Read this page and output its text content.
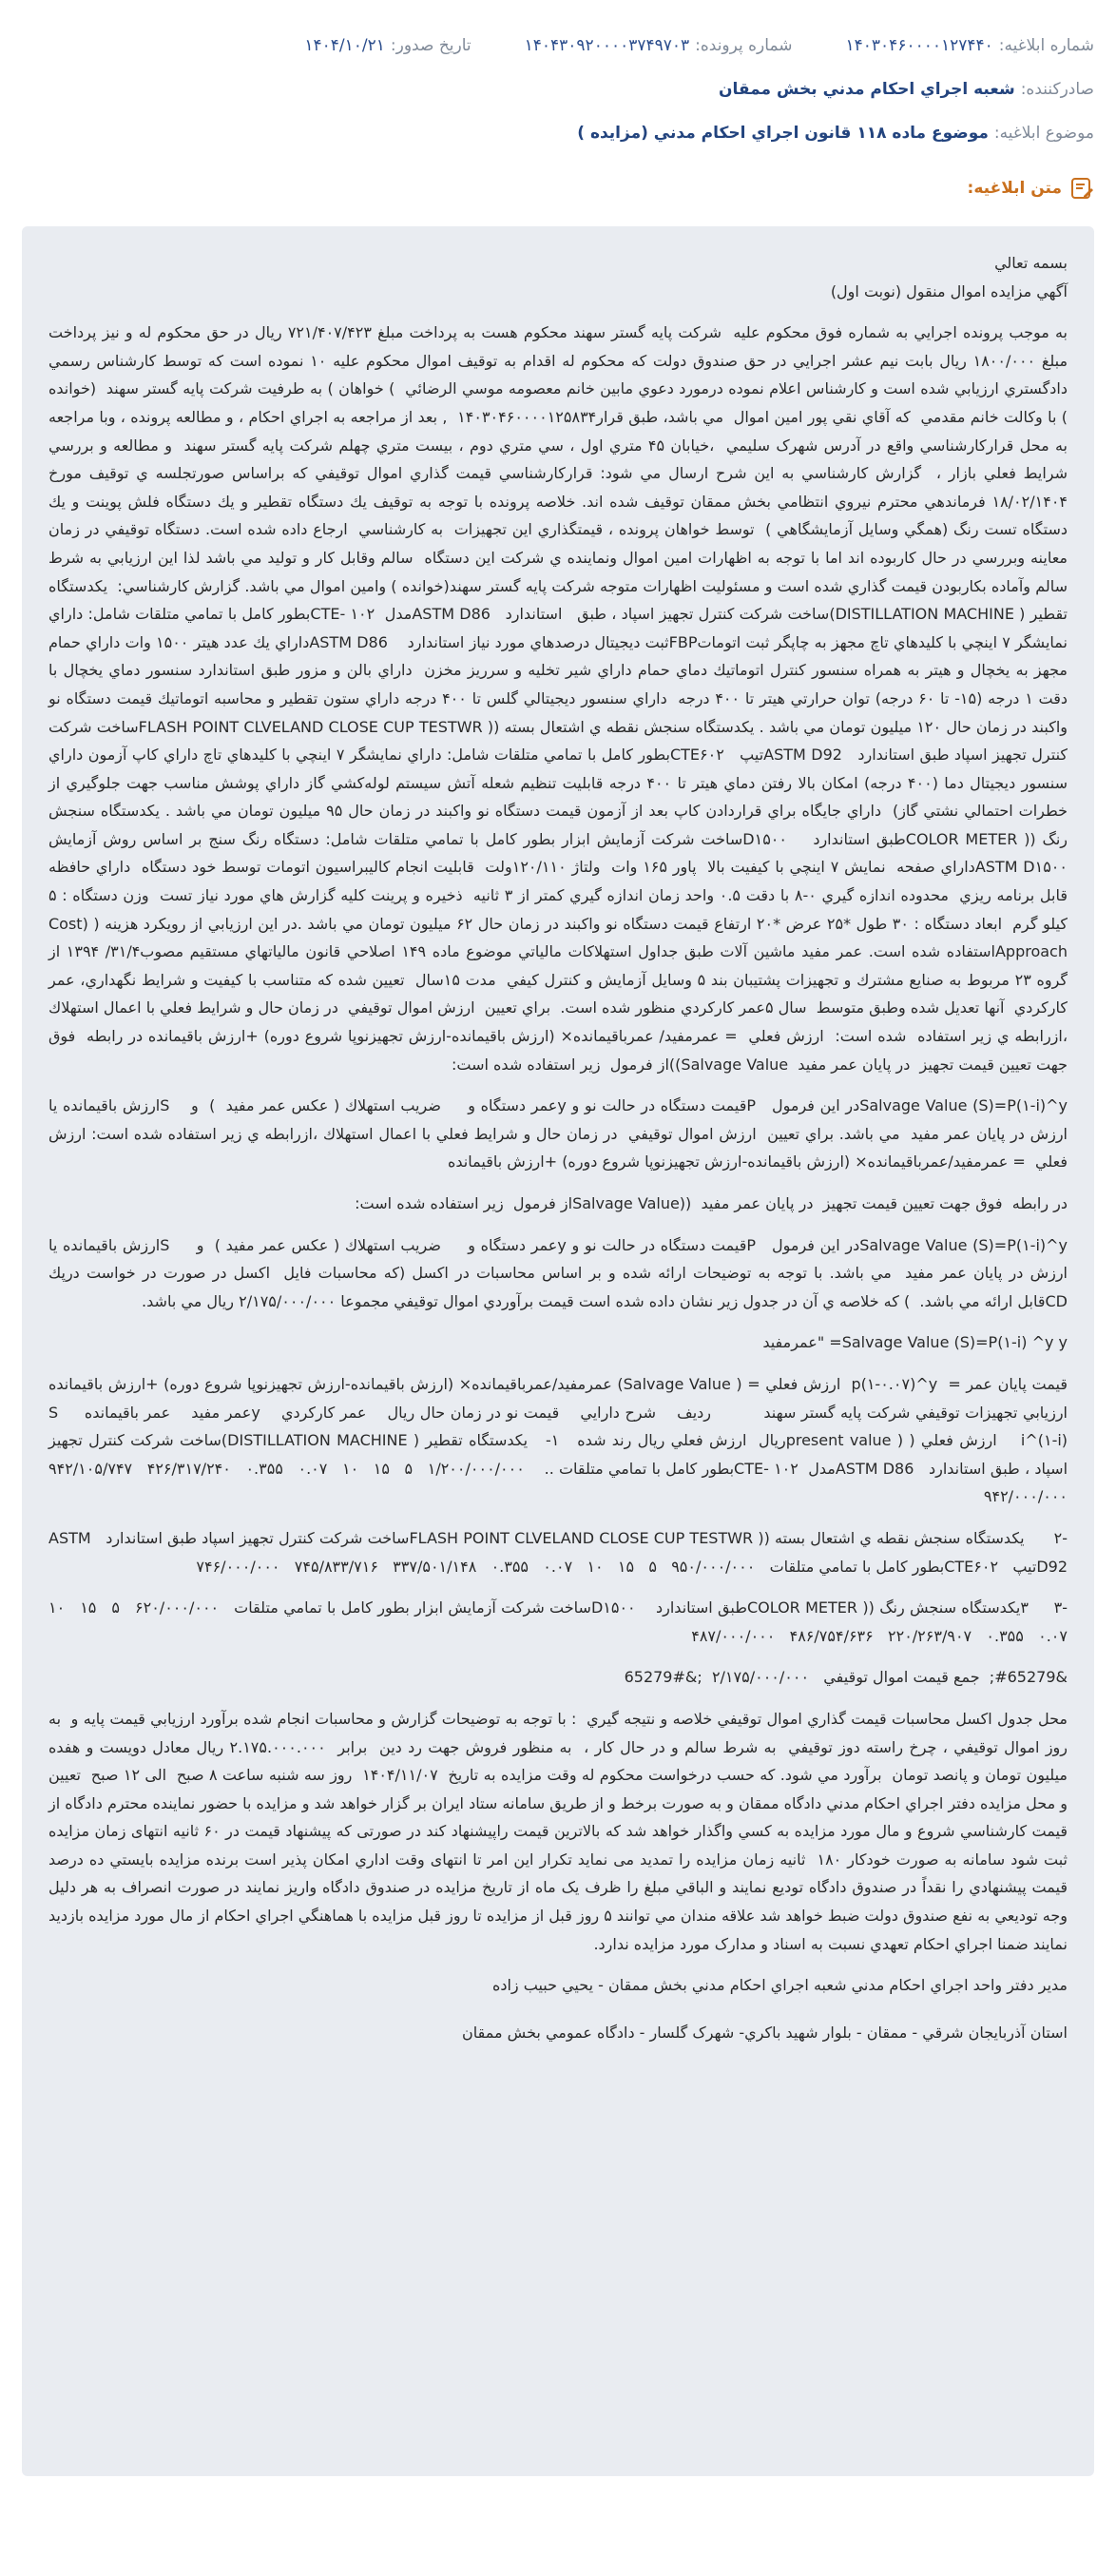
شماره ابلاغيه:
۱۴۰۳۰۴۶۰۰۰۰۱۲۷۴۴۰
شماره پرونده:
۱۴۰۴۳۰۹۲۰۰۰۰۳۷۴۹۷۰۳
تاريخ صدور:
۱۴۰۴/۱۰/۲۱
صادرکننده:
شعبه اجراي احکام مدني بخش ممقان
موضوع ابلاغيه:
موضوع ماده ۱۱۸ قانون اجراي احکام مدني (مزايده )
متن ابلاغيه:

بسمه تعالي
آگهي مزايده اموال منقول (نوبت اول)

به موجب پرونده اجرايي به شماره فوق محکوم عليه  شرکت پايه گستر سهند محکوم هست به پرداخت مبلغ ۷۲۱/۴۰۷/۴۲۳ ريال در حق محکوم له و نيز پرداخت مبلغ ۱۸۰۰/۰۰۰ ريال بابت نيم عشر اجرايي در حق صندوق دولت که محکوم له اقدام به توقيف اموال محکوم عليه ۱۰ نموده است که توسط کارشناس رسمي دادگستري ارزيابي شده است و کارشناس اعلام نموده درمورد دعوي مابين خانم معصومه موسي الرضائي  ) خواهان ) به طرفيت شرکت پايه گستر سهند  (خوانده ) با وکالت خانم مقدمي  که آقاي نقي پور امين اموال  مي باشد، طبق قرار۱۴۰۳۰۴۶۰۰۰۰۱۲۵۸۳۴  , بعد از مراجعه به اجراي احکام ، و مطالعه پرونده ، وبا مراجعه  به محل قرارکارشناسي واقع در آدرس شهرک سليمي  ،خيابان ۴۵ متري اول ، سي متري دوم ، بيست متري چهلم شرکت پايه گستر سهند  و مطالعه و بررسي شرايط فعلي بازار ،  گزارش کارشناسي به اين شرح ارسال مي شود: قرارکارشناسي قيمت گذاري اموال توقيفي که براساس صورتجلسه ي توقيف مورخ ۱۸/۰۲/۱۴۰۴ فرماندهي محترم نيروي انتظامي بخش ممقان توقيف شده اند. خلاصه پرونده با توجه به توقيف يك دستگاه تقطير و يك دستگاه فلش پوينت و يك دستگاه تست رنگ (همگي وسايل آزمايشگاهي )  توسط خواهان پرونده ، قيمتگذاري اين تجهيزات  به کارشناسي  ارجاع داده شده است. دستگاه توقيفي در زمان معاينه وبررسي در حال کاربوده اند اما با توجه به اظهارات امين اموال ونماينده ي شرکت اين دستگاه  سالم وقابل کار و توليد مي باشد لذا اين ارزيابي به شرط سالم وآماده بکاربودن قيمت گذاري شده است و مسئوليت اظهارات متوجه شرکت پايه گستر سهند(خوانده ) وامين اموال مي باشد. گزارش کارشناسي:  يكدستگاه تقطير ( DISTILLATION MACHINE)ساخت شركت كنترل تجهيز اسپاد ، طبق   استاندارد   ASTM D86مدل  CTE- ۱۰۲بطور كامل با تمامي متلقات شامل: داراي نمايشگر ۷ اينچي با كليدهاي تاچ مجهز به چاپگر ثبت اتوماتFBPثبت ديجيتال درصدهاي مورد نياز استاندارد    ASTM D86داراي يك عدد هيتر ۱۵۰۰ وات داراي حمام مجهز به يخچال و هيتر به همراه سنسور كنترل اتوماتيك دماي حمام داراي شير تخليه و سرريز مخزن  داراي بالن و مزور طبق استاندارد سنسور دماي يخچال با دقت ۱ درجه (۱۵- تا ۶۰ درجه) توان حرارتي هيتر تا ۴۰۰ درجه  داراي سنسور ديجيتالي گلس تا ۴۰۰ درجه داراي ستون تقطير و محاسبه اتوماتيك قيمت دستگاه نو واكبند در زمان حال ۱۲۰ ميليون تومان مي باشد . يكدستگاه سنجش نقطه ي اشتعال بسته (( FLASH POINT CLVELAND CLOSE CUP TESTWRساخت شركت كنترل تجهيز اسپاد طبق استاندارد   ASTM D92تيپ   CTE۶۰۲بطور كامل با تمامي متلقات شامل: داراي نمايشگر ۷ اينچي با كليدهاي تاچ داراي كاپ آزمون داراي سنسور ديجيتال دما (۴۰۰ درجه) امكان بالا رفتن دماي هيتر تا ۴۰۰ درجه قابليت تنظيم شعله آتش سيستم لوله‌كشي گاز داراي پوشش مناسب جهت جلوگيري از خطرات احتمالي نشتي گاز)  داراي جايگاه براي قراردادن كاپ بعد از آزمون قيمت دستگاه نو واكبند در زمان حال ۹۵ ميليون تومان مي باشد . يكدستگاه سنجش رنگ (( COLOR METERطبق استاندارد    D۱۵۰۰ساخت شركت آزمايش ابزار بطور كامل با تمامي متلقات شامل: دستگاه رنگ سنج بر اساس روش آزمايش   ASTM D۱۵۰۰داراي صفحه  نمايش ۷ اينچي با كيفيت بالا  پاور ۱۶۵ وات  ولتاژ ۱۲۰/۱۱۰ولت  قابليت انجام كاليبراسيون اتومات توسط خود دستگاه  داراي حافظه قابل برنامه ريزي  محدوده اندازه گيري ۰-۸ با دقت ۰.۵ واحد زمان اندازه گيري كمتر از ۳ ثانيه  ذخيره و پرينت كليه گزارش هاي مورد نياز تست  وزن دستگاه : ۵ كيلو گرم  ابعاد دستگاه : ۳۰ طول *۲۵ عرض *۲۰ ارتفاع قيمت دستگاه نو واكبند در زمان حال ۶۲ ميليون تومان مي باشد .در اين ارزيابي از رويكرد هزينه ( (Cost Approachاستفاده شده است. عمر مفيد ماشين آلات طبق جداول استهلاكات مالياتي موضوع ماده ۱۴۹ اصلاحي قانون مالياتهاي مستقيم مصوب۳۱/۴/ ۱۳۹۴ از گروه ۲۳ مربوط به صنايع مشترك و تجهيزات پشتيبان بند ۵ وسايل آزمايش و كنترل كيفي  مدت ۱۵سال  تعيين شده كه متناسب با كيفيت و شرايط نگهداري، عمر كاركردي  آنها تعديل شده وطبق متوسط  سال ۵عمر كاركردي منظور شده است.  براي تعيين  ارزش اموال توقيفي  در زمان حال و شرايط فعلي با اعمال استهلاك ،ازرابطه ي زير استفاده  شده است:  ارزش فعلي  = عمرمفيد/ عمرباقيمانده× (ارزش باقيمانده-ارزش تجهيزنوپا شروع دوره) +ارزش باقيمانده در رابطه  فوق جهت تعيين قيمت تجهيز  در پايان عمر مفيد  Salvage Value))از فرمول  زير استفاده شده است:

Salvage Value (S)=P(۱-i)^yدر اين فرمول   Pقيمت دستگاه در حالت نو و yعمر دستگاه و     ضريب استهلاك ( عكس عمر مفيد  )  و    Sارزش باقيمانده يا ارزش در پايان عمر مفيد  مي باشد. براي تعيين  ارزش اموال توقيفي  در زمان حال و شرايط فعلي با اعمال استهلاك ،ازرابطه ي زير استفاده شده است: ارزش فعلي  = عمرمفيد/عمرباقيمانده× (ارزش باقيمانده-ارزش تجهيزنوپا شروع دوره) +ارزش باقيمانده

در رابطه  فوق جهت تعيين قيمت تجهيز  در پايان عمر مفيد  ((Salvage Valueاز فرمول  زير استفاده شده است:

Salvage Value (S)=P(۱-i)^yدر اين فرمول   Pقيمت دستگاه در حالت نو و yعمر دستگاه و     ضريب استهلاك ( عكس عمر مفيد )  و     Sارزش باقيمانده يا ارزش در پايان عمر مفيد  مي باشد. با توجه به توضيحات ارائه شده و بر اساس محاسبات در اكسل (كه محاسبات فايل  اكسل در صورت در خواست درپك   CDقابل ارائه مي باشد.  ) كه خلاصه ي آن در جدول زير نشان داده شده است قيمت برآوردي اموال توقيفي مجموعا ۲/۱۷۵/۰۰۰/۰۰۰ ريال مي باشد.

Salvage Value (S)=P(۱-i) ^y y= "عمرمفيد

قيمت پايان عمر =  p(۱-۰.۰۷)^y  ارزش فعلي = ( Salvage Value) عمرمفيد/عمرباقيمانده× (ارزش باقيمانده-ارزش تجهيزنوپا شروع دوره) +ارزش باقيمانده          ارزيابي تجهيزات توقيفي شركت پايه گستر سهند          رديف    شرح دارايي    قيمت نو در زمان حال ريال    عمر كاركردي    yعمر مفيد    عمر باقيمانده     S     i^(۱-i)    ارزش فعلي ( ( present valueريال  ارزش فعلي ريال رند شده   ۱-   يكدستگاه تقطير ( DISTILLATION MACHINE)ساخت شركت كنترل تجهيز اسپاد ، طبق استاندارد   ASTM D86مدل  CTE- ۱۰۲بطور كامل با تمامي متلقات ..    ۱/۲۰۰/۰۰۰/۰۰۰   ۵   ۱۵   ۱۰   ۰.۰۷   ۰.۳۵۵   ۴۲۶/۳۱۷/۲۴۰   ۹۴۲/۱۰۵/۷۴۷   ۹۴۲/۰۰۰/۰۰۰

-۲      يكدستگاه سنجش نقطه ي اشتعال بسته (( FLASH POINT CLVELAND CLOSE CUP TESTWRساخت شركت كنترل تجهيز اسپاد طبق استاندارد   ASTM D92تيپ   CTE۶۰۲بطور كامل با تمامي متلقات   ۹۵۰/۰۰۰/۰۰۰   ۵   ۱۵   ۱۰   ۰.۰۷   ۰.۳۵۵   ۳۳۷/۵۰۱/۱۴۸   ۷۴۵/۸۳۳/۷۱۶   ۷۴۶/۰۰۰/۰۰۰

-۳     ۳يكدستگاه سنجش رنگ (( COLOR METERطبق استاندارد    D۱۵۰۰ساخت شركت آزمايش ابزار بطور كامل با تمامي متلقات   ۶۲۰/۰۰۰/۰۰۰   ۵   ۱۵   ۱۰   ۰.۰۷   ۰.۳۵۵   ۲۲۰/۲۶۳/۹۰۷   ۴۸۶/۷۵۴/۶۳۶   ۴۸۷/۰۰۰/۰۰۰

&#65279;  جمع قيمت اموال توقيفي   ۲/۱۷۵/۰۰۰/۰۰۰  ;&#65279

محل جدول اكسل محاسبات قيمت گذاري اموال توقيفي خلاصه و نتيجه گيري  : با توجه به توضيحات گزارش و محاسبات انجام شده برآورد ارزيابي قيمت پايه و  به روز اموال توقيفي ، چرخ راسته دوز توقيفي  به شرط سالم و در حال كار ،  به منظور فروش جهت رد دين  برابر  ۲.۱۷۵.۰۰۰.۰۰۰ ريال معادل دويست و هفده  ميليون تومان و پانصد تومان  برآورد مي شود. که حسب درخواست محکوم له وقت مزايده به تاريخ  ۱۴۰۴/۱۱/۰۷  روز سه شنبه ساعت ۸ صبح  الی ۱۲ صبح  تعيين و محل مزايده دفتر اجراي احکام مدني دادگاه ممقان و به صورت برخط و از طريق سامانه ستاد ايران بر گزار خواهد شد و مزايده با حضور نماينده محترم دادگاه از قيمت کارشناسي شروع و مال مورد مزايده به کسي واگذار خواهد شد که بالاترين قيمت راپيشنهاد کند در صورتی که پيشنهاد قيمت در ۶۰ ثانيه انتهای زمان مزايده ثبت شود سامانه به صورت خودکار ۱۸۰  ثانيه زمان مزايده را تمديد می نمايد تکرار اين امر تا انتهای وقت اداري امکان پذير است برنده مزايده بايستي ده درصد قيمت پيشنهادي را نقداً در صندوق دادگاه توديع نمايند و الباقي مبلغ را ظرف يک ماه از تاريخ مزايده در صندوق دادگاه واريز نمايند در صورت انصراف به هر دليل وجه توديعي به نفع صندوق دولت ضبط خواهد شد علاقه مندان مي توانند ۵ روز قبل از مزايده تا روز قبل مزايده با هماهنگي اجراي احکام از مال مورد مزايده بازديد نمايند ضمنا اجراي احکام تعهدي نسبت به اسناد و مدارک مورد مزايده ندارد.

مدير دفتر واحد اجراي احکام مدني شعبه اجراي احکام مدني بخش ممقان - يحيي حبيب زاده

استان آذربايجان شرقي - ممقان - بلوار شهيد باکري- شهرک گلسار - دادگاه عمومي بخش ممقان
